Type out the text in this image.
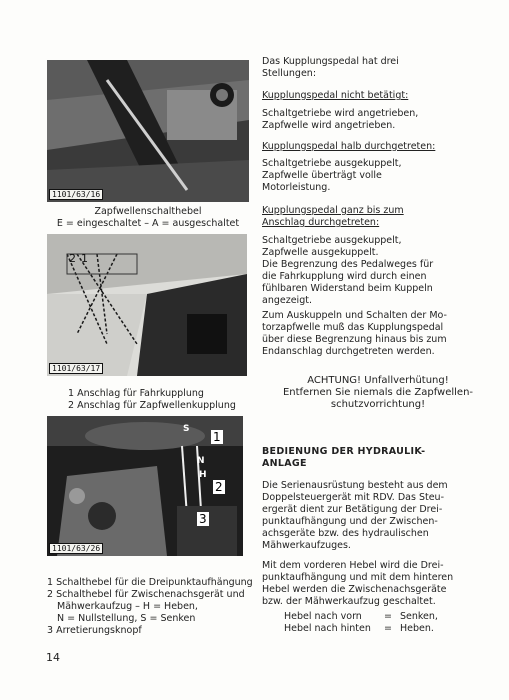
1101/63/16
Zapfwellenschalthebel
E = eingeschaltet – A = ausgeschaltet
1
2
1101/63/17
1 Anschlag für Fahrkupplung
2 Anschlag für Zapfwellenkupplung
S
N
H
1
2
3
1101/63/26
1 Schalthebel für die Dreipunktaufhängung
2 Schalthebel für Zwischenachsgerät und
Mähwerkaufzug – H = Heben,
N = Nullstellung, S = Senken
3 Arretierungsknopf
Das Kupplungspedal hat drei
Stellungen:
Kupplungspedal nicht betätigt:
Schaltgetriebe wird angetrieben,
Zapfwelle wird angetrieben.
Kupplungspedal halb durchgetreten:
Schaltgetriebe ausgekuppelt,
Zapfwelle überträgt volle
Motorleistung.
Kupplungspedal ganz bis zum
Anschlag durchgetreten:
Schaltgetriebe ausgekuppelt,
Zapfwelle ausgekuppelt.
Die Begrenzung des Pedalweges für
die Fahrkupplung wird durch einen
fühlbaren Widerstand beim Kuppeln
angezeigt.
Zum Auskuppeln und Schalten der Mo-
torzapfwelle muß das Kupplungspedal
über diese Begrenzung hinaus bis zum
Endanschlag durchgetreten werden.
ACHTUNG! Unfallverhütung!
Entfernen Sie niemals die Zapfwellen-
schutzvorrichtung!
BEDIENUNG DER HYDRAULIK-
ANLAGE
Die Serienausrüstung besteht aus dem
Doppelsteuergerät mit RDV. Das Steu-
ergerät dient zur Betätigung der Drei-
punktaufhängung und der Zwischen-
achsgeräte bzw. des hydraulischen
Mähwerkaufzuges.
Mit dem vorderen Hebel wird die Drei-
punktaufhängung und mit dem hinteren
Hebel werden die Zwischenachsgeräte
bzw. der Mähwerkaufzug geschaltet.
Hebel nach vorn	= Senken,
Hebel nach hinten	= Heben.
14
